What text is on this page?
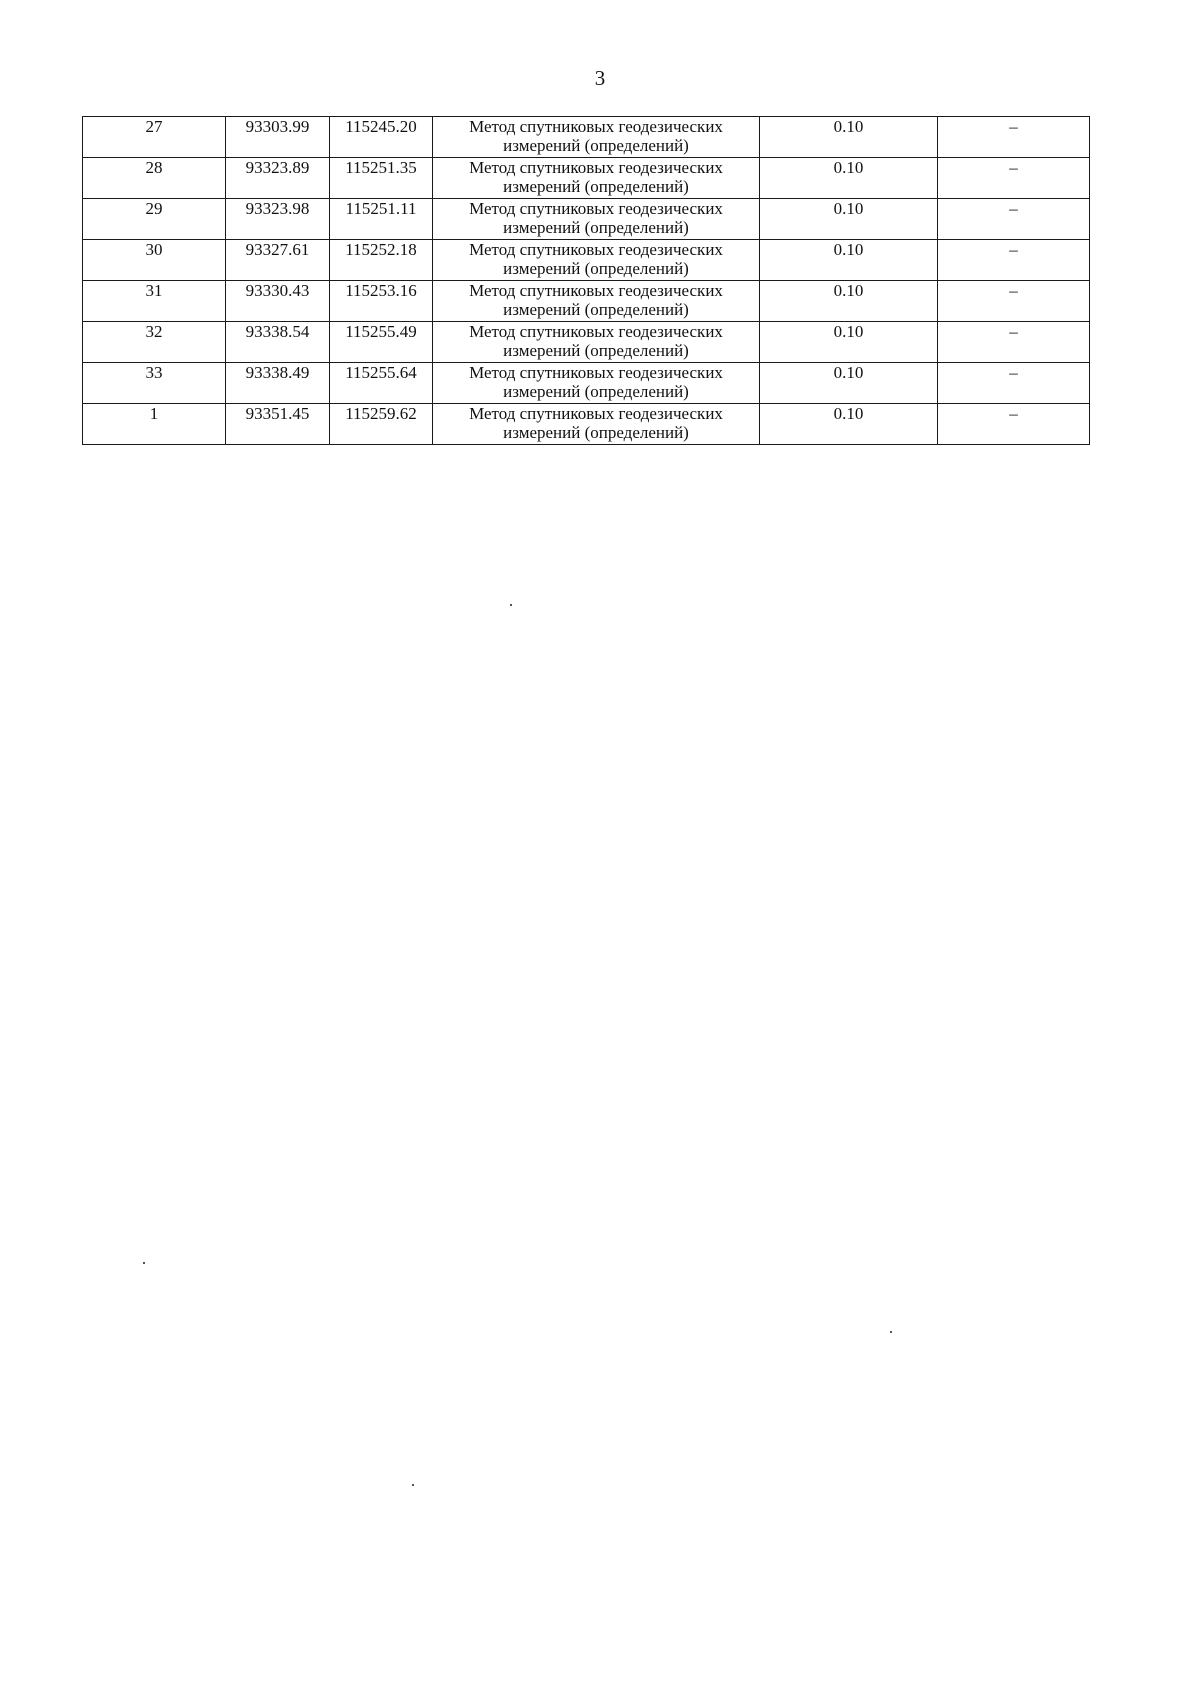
3
27	93303.99	115245.20	Метод спутниковых геодезических
измерений (определений)	0.10	–
28	93323.89	115251.35	Метод спутниковых геодезических
измерений (определений)	0.10	–
29	93323.98	115251.11	Метод спутниковых геодезических
измерений (определений)	0.10	–
30	93327.61	115252.18	Метод спутниковых геодезических
измерений (определений)	0.10	–
31	93330.43	115253.16	Метод спутниковых геодезических
измерений (определений)	0.10	–
32	93338.54	115255.49	Метод спутниковых геодезических
измерений (определений)	0.10	–
33	93338.49	115255.64	Метод спутниковых геодезических
измерений (определений)	0.10	–
1	93351.45	115259.62	Метод спутниковых геодезических
измерений (определений)	0.10	–
